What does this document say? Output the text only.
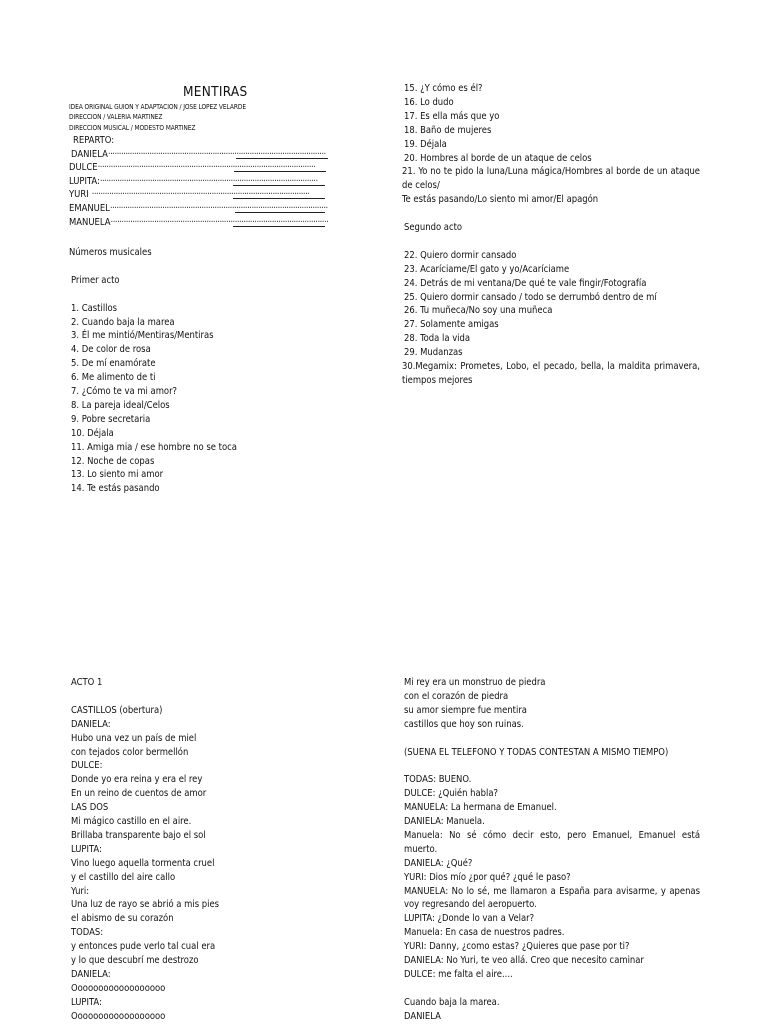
MENTIRAS
IDEA ORIGINAL GUION Y ADAPTACION / JOSE LOPEZ VELARDE
DIRECCION / VALERIA MARTINEZ
DIRECCION MUSICAL / MODESTO MARTINEZ
REPARTO:
DANIELA....................................................................................................
DULCE....................................................................................................
LUPITA:....................................................................................................
YURI ....................................................................................................
EMANUEL....................................................................................................
MANUELA....................................................................................................
Números musicales
Primer acto
1. Castillos
2. Cuando baja la marea
3. Él me mintió/Mentiras/Mentiras
4. De color de rosa
5. De mí enamórate
6. Me alimento de ti
7. ¿Cómo te va mi amor?
8. La pareja ideal/Celos
9. Pobre secretaria
10. Déjala
11. Amiga mia / ese hombre no se toca
12. Noche de copas
13. Lo siento mi amor
14. Te estás pasando
15. ¿Y cómo es él?
16. Lo dudo
17. Es ella más que yo
18. Baño de mujeres
19. Déjala
20. Hombres al borde de un ataque de celos
21. Yo no te pido la luna/Luna mágica/Hombres al borde de un ataque de celos/
Te estás pasando/Lo siento mi amor/El apagón
Segundo acto
22. Quiero dormir cansado
23. Acaríciame/El gato y yo/Acaríciame
24. Detrás de mi ventana/De qué te vale fingir/Fotografía
25. Quiero dormir cansado / todo se derrumbó dentro de mí
26. Tu muñeca/No soy una muñeca
27. Solamente amigas
28. Toda la vida
29. Mudanzas
30.Megamix: Prometes, Lobo, el pecado, bella, la maldita primavera, tiempos mejores
ACTO 1
CASTILLOS (obertura)
DANIELA:
Hubo una vez un país de miel
con tejados color bermellón
DULCE:
Donde yo era reina y era el rey
En un reino de cuentos de amor
LAS DOS
Mi mágico castillo en el aire.
Brillaba transparente bajo el sol
LUPITA:
Vino luego aquella tormenta cruel
y el castillo del aire callo
Yuri:
Una luz de rayo se abrió a mis pies
el abismo de su corazón
TODAS:
y entonces pude verlo tal cual era
y lo que descubrí me destrozo
DANIELA:
Oooooooooooooooooo
LUPITA:
Oooooooooooooooooo
Mi rey era un monstruo de piedra
con el corazón de piedra
su amor siempre fue mentira
castillos que hoy son ruinas.
(SUENA EL TELEFONO Y TODAS CONTESTAN A MISMO TIEMPO)
TODAS: BUENO.
DULCE: ¿Quién habla?
MANUELA: La hermana de Emanuel.
DANIELA: Manuela.
Manuela: No sé cómo decir esto, pero Emanuel, Emanuel está muerto.
DANIELA: ¿Qué?
YURI: Dios mío ¿por qué? ¿qué le paso?
MANUELA: No lo sé, me llamaron a España para avisarme, y apenas voy regresando del aeropuerto.
LUPITA: ¿Donde lo van a Velar?
Manuela: En casa de nuestros padres.
YURI: Danny, ¿como estas? ¿Quieres que pase por ti?
DANIELA: No Yuri, te veo allá. Creo que necesito caminar
DULCE: me falta el aire....
Cuando baja la marea.
DANIELA
